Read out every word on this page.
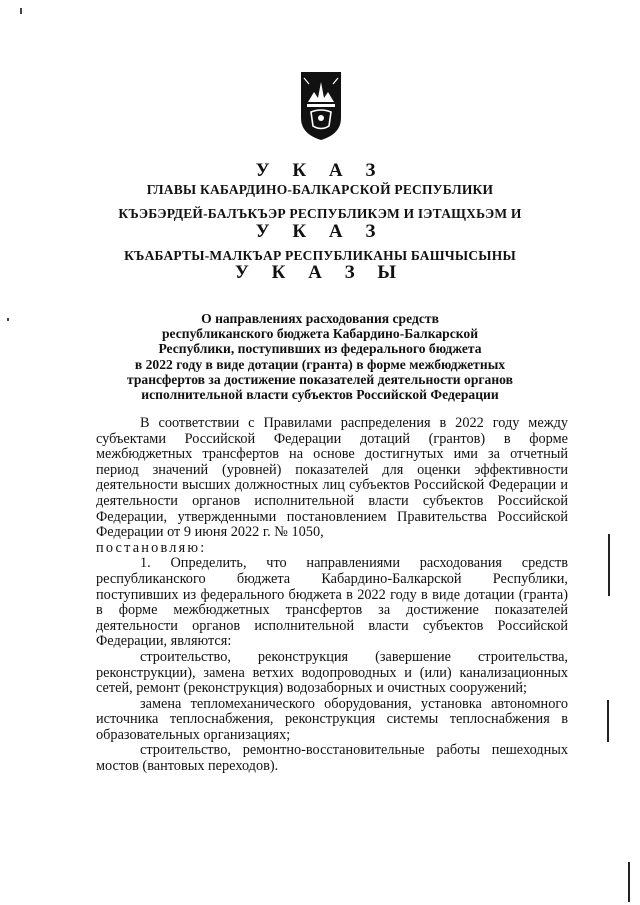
У К А З
ГЛАВЫ КАБАРДИНО-БАЛКАРСКОЙ РЕСПУБЛИКИ
КЪЭБЭРДЕЙ-БАЛЪКЪЭР РЕСПУБЛИКЭМ И ІЭТАЩХЬЭМ И
У К А З
КЪАБАРТЫ-МАЛКЪАР РЕСПУБЛИКАНЫ БАШЧЫСЫНЫ
У К А З Ы
О направлениях расходования средств
республиканского бюджета Кабардино-Балкарской
Республики, поступивших из федерального бюджета
в 2022 году в виде дотации (гранта) в форме межбюджетных
трансфертов за достижение показателей деятельности органов
исполнительной власти субъектов Российской Федерации

В соответствии с Правилами распределения в 2022 году между субъектами Российской Федерации дотаций (грантов) в форме межбюджетных трансфертов на основе достигнутых ими за отчетный период значений (уровней) показателей для оценки эффективности деятельности высших должностных лиц субъектов Российской Федерации и деятельности органов исполнительной власти субъектов Российской Федерации, утвержденными постановлением Правительства Российской Федерации от 9 июня 2022 г. № 1050,

постановляю:

1. Определить, что направлениями расходования средств республиканского бюджета Кабардино-Балкарской Республики, поступивших из федерального бюджета в 2022 году в виде дотации (гранта) в форме межбюджетных трансфертов за достижение показателей деятельности органов исполнительной власти субъектов Российской Федерации, являются:

строительство, реконструкция (завершение строительства, реконструкции), замена ветхих водопроводных и (или) канализационных сетей, ремонт (реконструкция) водозаборных и очистных сооружений;

замена тепломеханического оборудования, установка автономного источника теплоснабжения, реконструкция системы теплоснабжения в образовательных организациях;

строительство, ремонтно-восстановительные работы пешеходных мостов (вантовых переходов).
